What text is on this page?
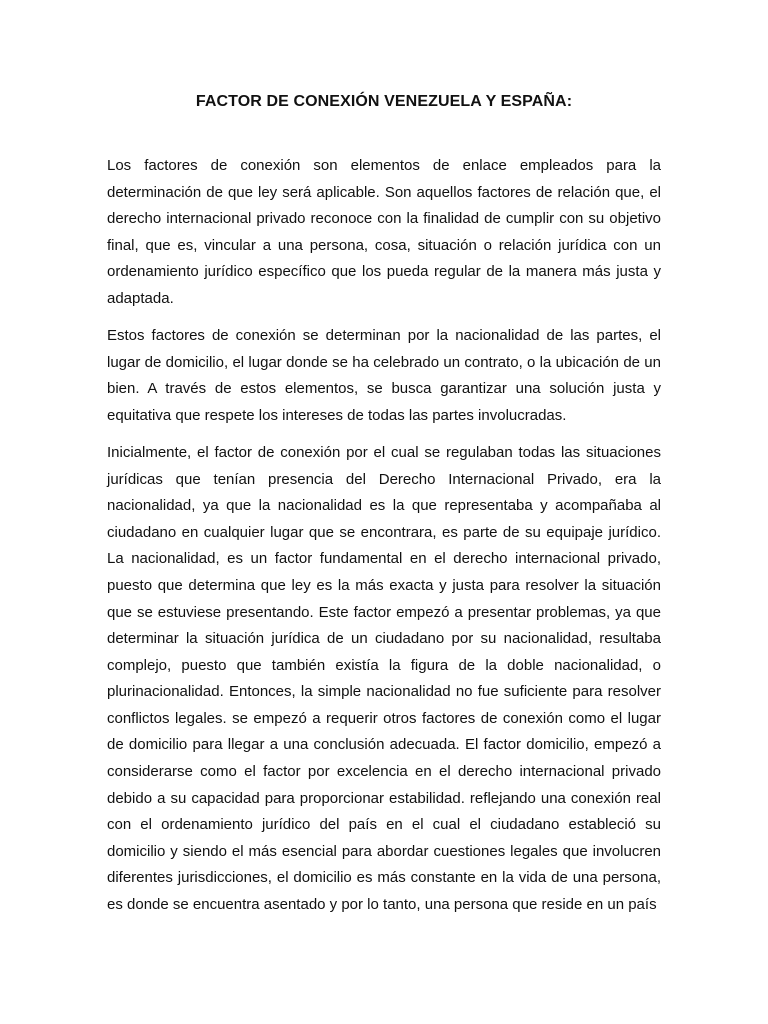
FACTOR DE CONEXIÓN VENEZUELA Y ESPAÑA:

Los factores de conexión son elementos de enlace empleados para la determinación de que ley será aplicable. Son aquellos factores de relación que, el derecho internacional privado reconoce con la finalidad de cumplir con su objetivo final, que es, vincular a una persona, cosa, situación o relación jurídica con un ordenamiento jurídico específico que los pueda regular de la manera más justa y adaptada.

Estos factores de conexión se determinan por la nacionalidad de las partes, el lugar de domicilio, el lugar donde se ha celebrado un contrato, o la ubicación de un bien. A través de estos elementos, se busca garantizar una solución justa y equitativa que respete los intereses de todas las partes involucradas.

Inicialmente, el factor de conexión por el cual se regulaban todas las situaciones jurídicas que tenían presencia del Derecho Internacional Privado, era la nacionalidad, ya que la nacionalidad es la que representaba y acompañaba al ciudadano en cualquier lugar que se encontrara, es parte de su equipaje jurídico. La nacionalidad, es un factor fundamental en el derecho internacional privado, puesto que determina que ley es la más exacta y justa para resolver la situación que se estuviese presentando. Este factor empezó a presentar problemas, ya que determinar la situación jurídica de un ciudadano por su nacionalidad, resultaba complejo, puesto que también existía la figura de la doble nacionalidad, o plurinacionalidad. Entonces, la simple nacionalidad no fue suficiente para resolver conflictos legales. se empezó a requerir otros factores de conexión como el lugar de domicilio para llegar a una conclusión adecuada. El factor domicilio, empezó a considerarse como el factor por excelencia en el derecho internacional privado debido a su capacidad para proporcionar estabilidad. reflejando una conexión real con el ordenamiento jurídico del país en el cual el ciudadano estableció su domicilio y siendo el más esencial para abordar cuestiones legales que involucren diferentes jurisdicciones, el domicilio es más constante en la vida de una persona, es donde se encuentra asentado y por lo tanto, una persona que reside en un país
